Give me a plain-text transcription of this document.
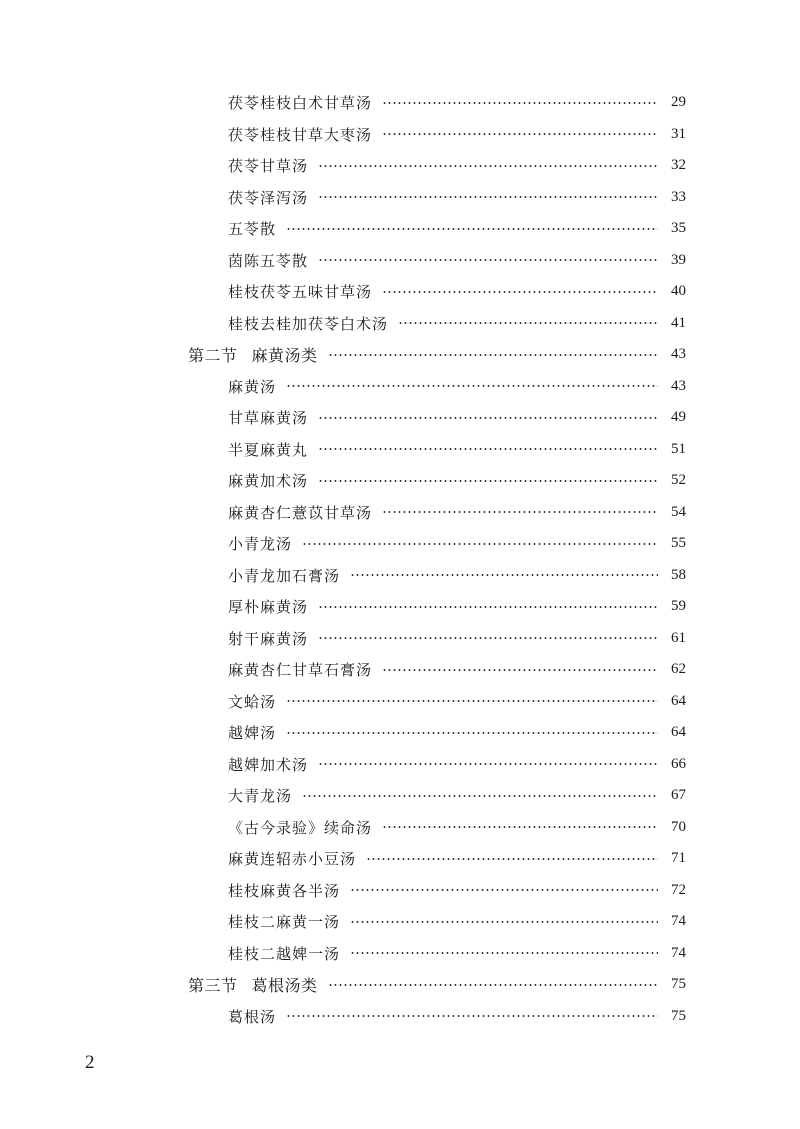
茯苓桂枝白术甘草汤	29
茯苓桂枝甘草大枣汤	31
茯苓甘草汤	32
茯苓泽泻汤	33
五苓散	35
茵陈五苓散	39
桂枝茯苓五味甘草汤	40
桂枝去桂加茯苓白术汤	41
第二节 麻黄汤类	43
麻黄汤	43
甘草麻黄汤	49
半夏麻黄丸	51
麻黄加术汤	52
麻黄杏仁薏苡甘草汤	54
小青龙汤	55
小青龙加石膏汤	58
厚朴麻黄汤	59
射干麻黄汤	61
麻黄杏仁甘草石膏汤	62
文蛤汤	64
越婢汤	64
越婢加术汤	66
大青龙汤	67
《古今录验》续命汤	70
麻黄连轺赤小豆汤	71
桂枝麻黄各半汤	72
桂枝二麻黄一汤	74
桂枝二越婢一汤	74
第三节 葛根汤类	75
葛根汤	75
2
